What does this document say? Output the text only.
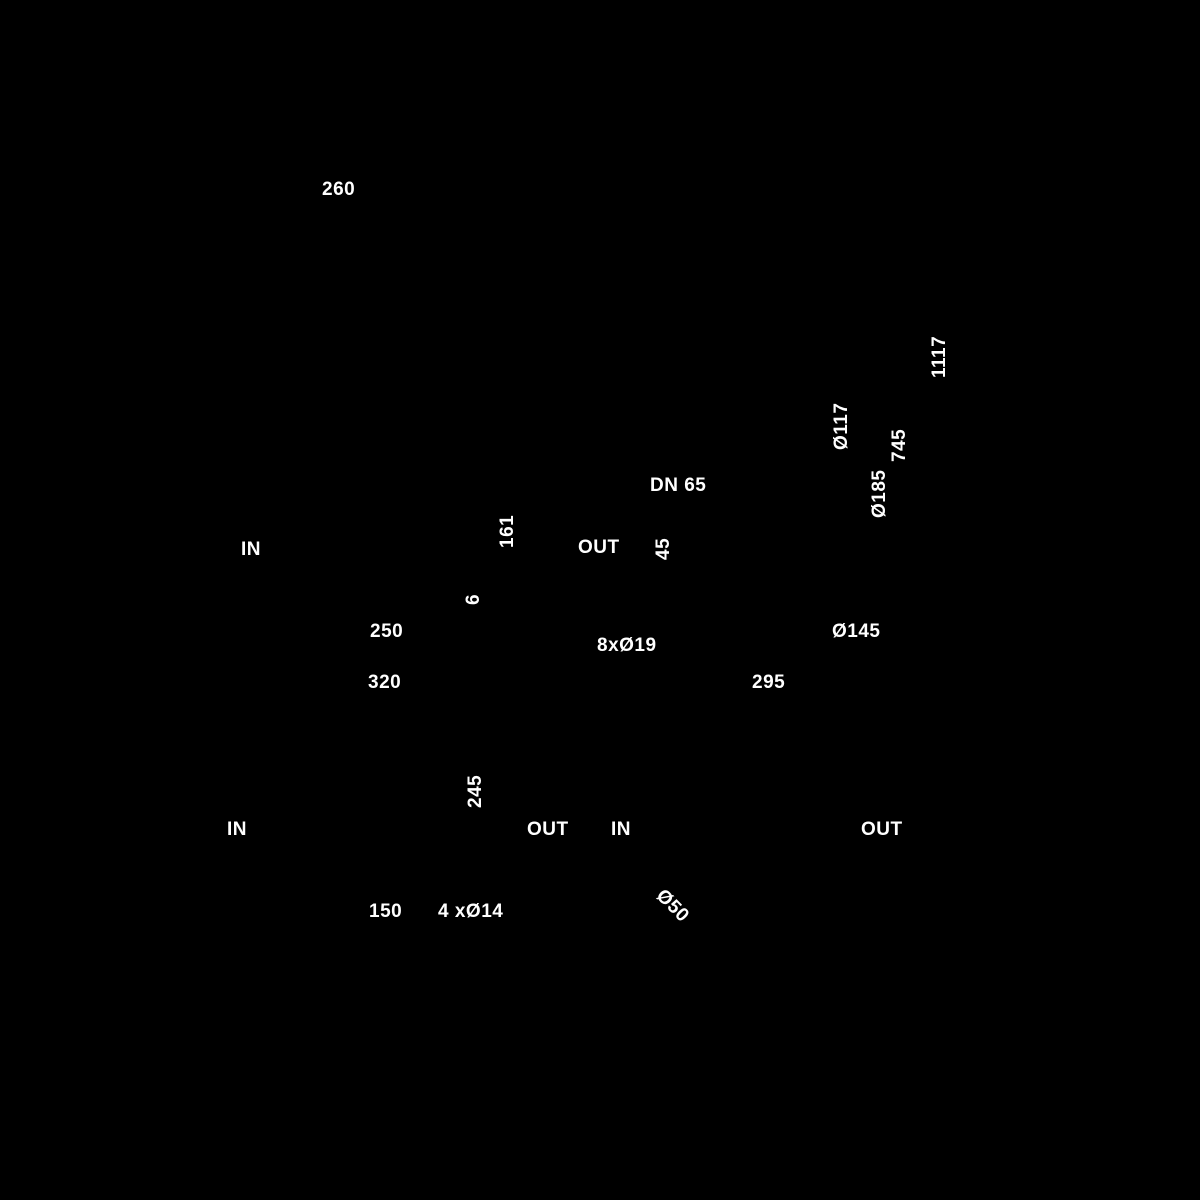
260
1117
DN 65
Ø117 745
IN	OUT
Ø185
161
45
6
250
8xØ19
Ø145
320	295
IN
245
OUT IN	OUT
Ø50
150 4 xØ14
